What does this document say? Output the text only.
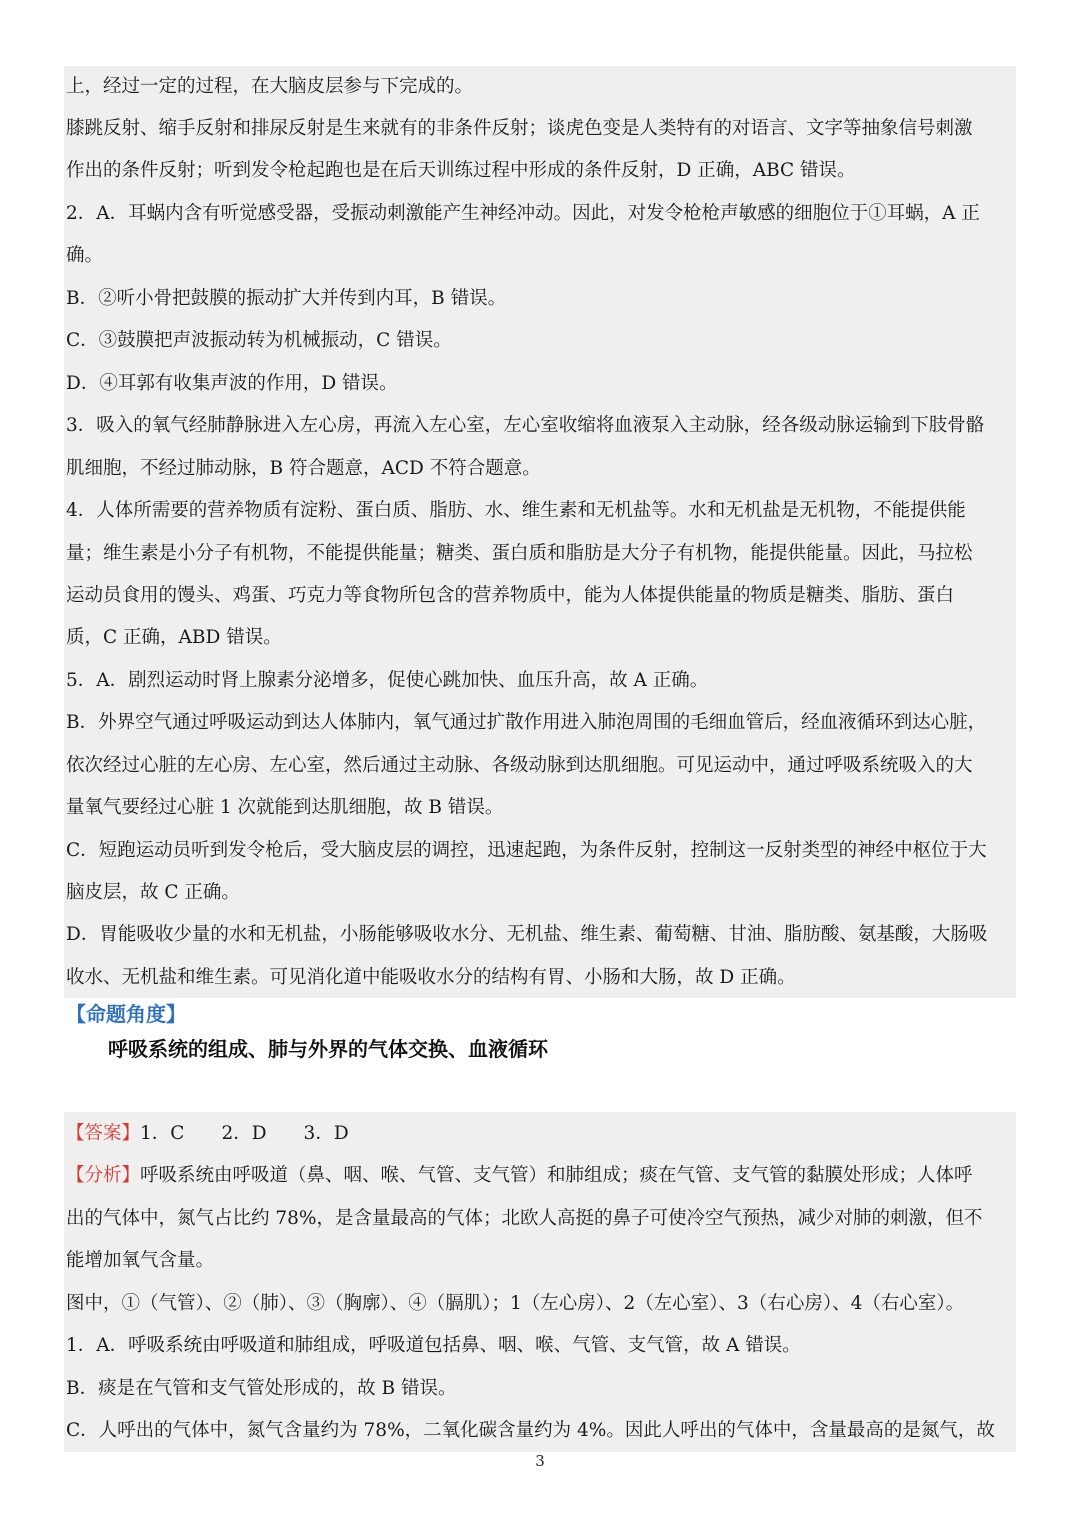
上，经过一定的过程，在大脑皮层参与下完成的。
膝跳反射、缩手反射和排尿反射是生来就有的非条件反射；谈虎色变是人类特有的对语言、文字等抽象信号刺激
作出的条件反射；听到发令枪起跑也是在后天训练过程中形成的条件反射，D 正确，ABC 错误。
2．A．耳蜗内含有听觉感受器，受振动刺激能产生神经冲动。因此，对发令枪枪声敏感的细胞位于①耳蜗，A 正
确。
B．②听小骨把鼓膜的振动扩大并传到内耳，B 错误。
C．③鼓膜把声波振动转为机械振动，C 错误。
D．④耳郭有收集声波的作用，D 错误。
3．吸入的氧气经肺静脉进入左心房，再流入左心室，左心室收缩将血液泵入主动脉，经各级动脉运输到下肢骨骼
肌细胞，不经过肺动脉，B 符合题意，ACD 不符合题意。
4．人体所需要的营养物质有淀粉、蛋白质、脂肪、水、维生素和无机盐等。水和无机盐是无机物，不能提供能
量；维生素是小分子有机物，不能提供能量；糖类、蛋白质和脂肪是大分子有机物，能提供能量。因此，马拉松
运动员食用的馒头、鸡蛋、巧克力等食物所包含的营养物质中，能为人体提供能量的物质是糖类、脂肪、蛋白
质，C 正确，ABD 错误。
5．A．剧烈运动时肾上腺素分泌增多，促使心跳加快、血压升高，故 A 正确。
B．外界空气通过呼吸运动到达人体肺内，氧气通过扩散作用进入肺泡周围的毛细血管后，经血液循环到达心脏，
依次经过心脏的左心房、左心室，然后通过主动脉、各级动脉到达肌细胞。可见运动中，通过呼吸系统吸入的大
量氧气要经过心脏 1 次就能到达肌细胞，故 B 错误。
C．短跑运动员听到发令枪后，受大脑皮层的调控，迅速起跑，为条件反射，控制这一反射类型的神经中枢位于大
脑皮层，故 C 正确。
D．胃能吸收少量的水和无机盐，小肠能够吸收水分、无机盐、维生素、葡萄糖、甘油、脂肪酸、氨基酸，大肠吸
收水、无机盐和维生素。可见消化道中能吸收水分的结构有胃、小肠和大肠，故 D 正确。
【命题角度】
呼吸系统的组成、肺与外界的气体交换、血液循环
【答案】1．C　　2．D　　3．D
【分析】呼吸系统由呼吸道（鼻、咽、喉、气管、支气管）和肺组成；痰在气管、支气管的黏膜处形成；人体呼
出的气体中，氮气占比约 78%，是含量最高的气体；北欧人高挺的鼻子可使冷空气预热，减少对肺的刺激，但不
能增加氧气含量。
图中，①（气管）、②（肺）、③（胸廓）、④（膈肌）；1（左心房）、2（左心室）、3（右心房）、4（右心室）。
1．A．呼吸系统由呼吸道和肺组成，呼吸道包括鼻、咽、喉、气管、支气管，故 A 错误。
B．痰是在气管和支气管处形成的，故 B 错误。
C．人呼出的气体中，氮气含量约为 78%，二氧化碳含量约为 4%。因此人呼出的气体中，含量最高的是氮气，故
3
